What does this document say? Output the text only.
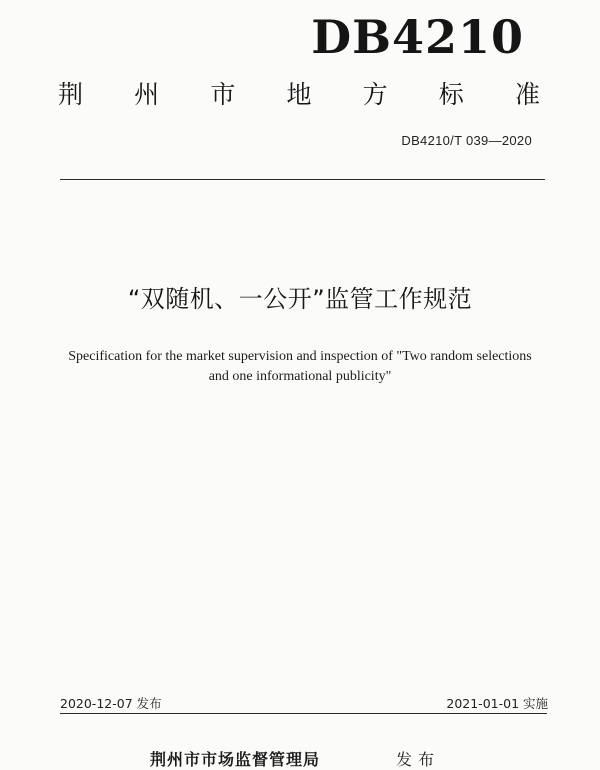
DB4210
荆 州 市 地 方 标 准
DB4210/T 039—2020
“双随机、一公开”监管工作规范
Specification for the market supervision and inspection of "Two random selections
and one informational publicity"
2020-12-07 发布	2021-01-01 实施
荆州市市场监督管理局	发布
